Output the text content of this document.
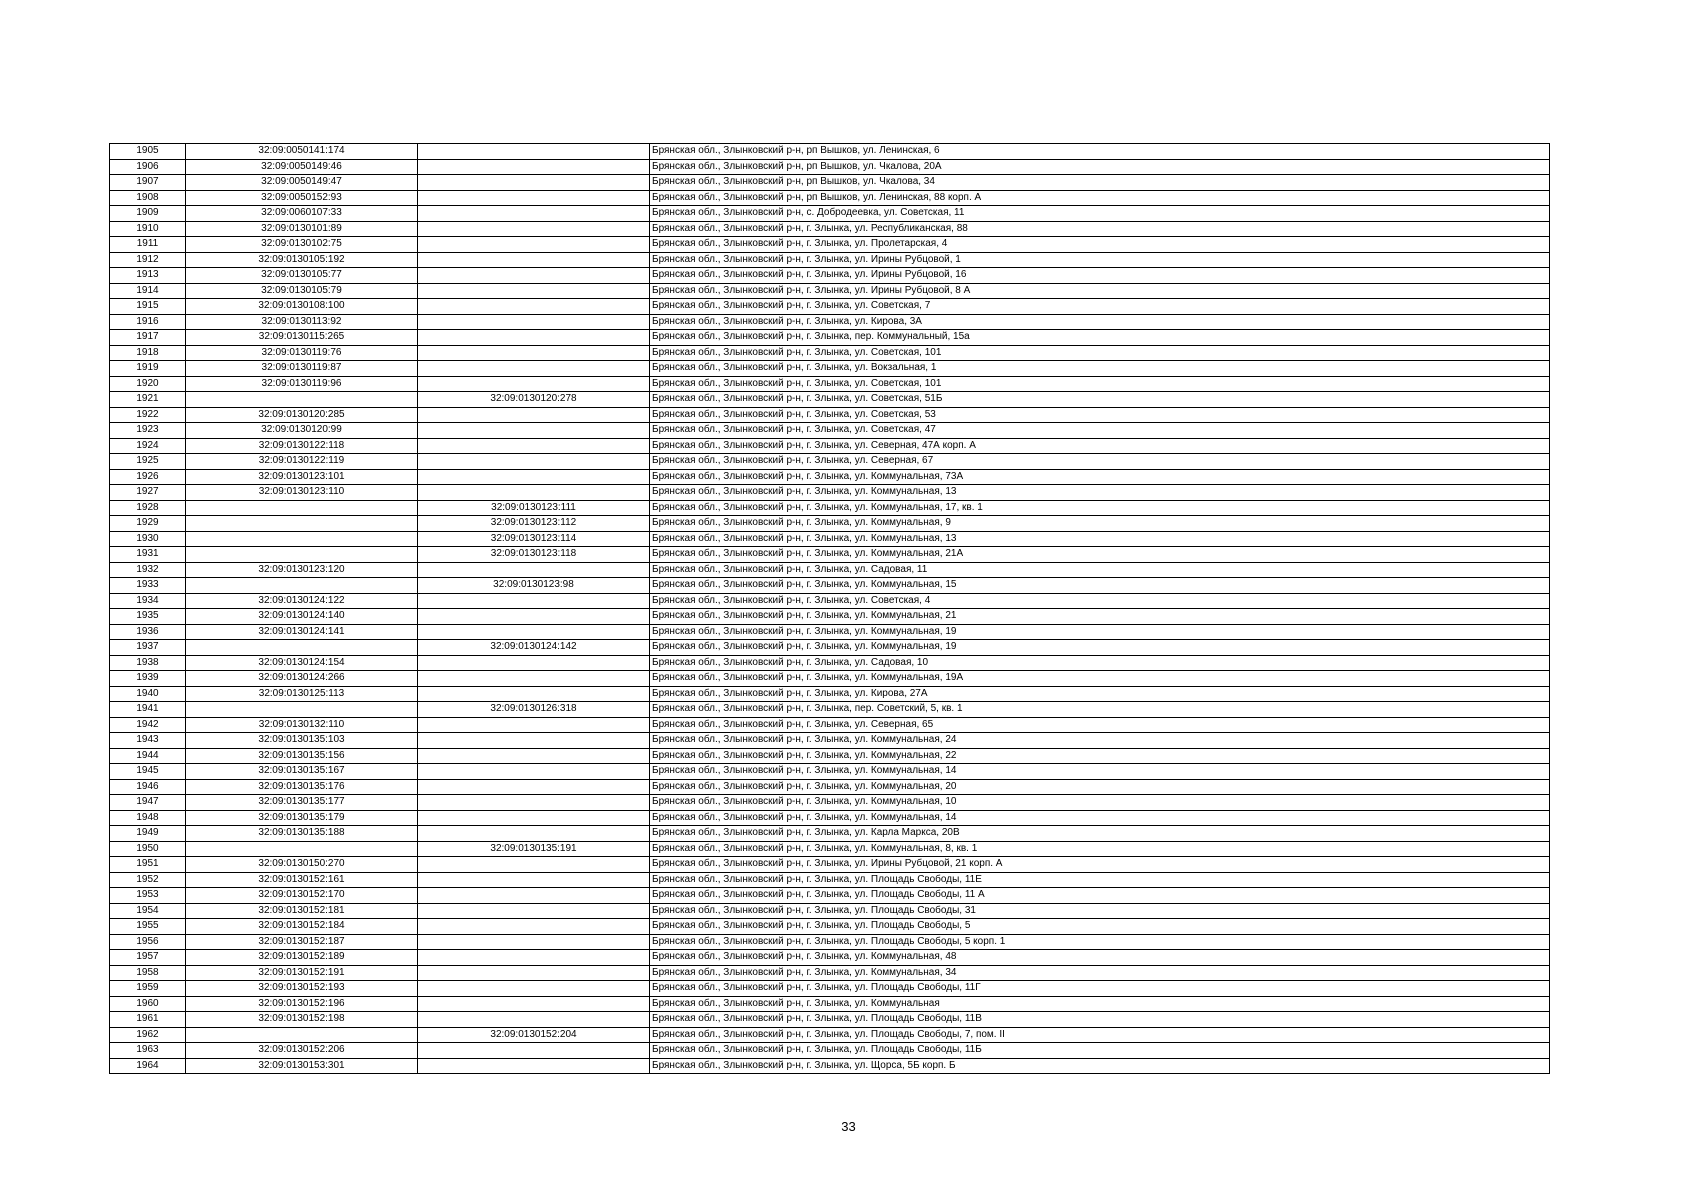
1905	32:09:0050141:174		Брянская обл., Злынковский р-н, рп Вышков, ул. Ленинская, 6
1906	32:09:0050149:46		Брянская обл., Злынковский р-н, рп Вышков, ул. Чкалова, 20А
1907	32:09:0050149:47		Брянская обл., Злынковский р-н, рп Вышков, ул. Чкалова, 34
1908	32:09:0050152:93		Брянская обл., Злынковский р-н, рп Вышков, ул. Ленинская, 88 корп. А
1909	32:09:0060107:33		Брянская обл., Злынковский р-н, с. Добродеевка, ул. Советская, 11
1910	32:09:0130101:89		Брянская обл., Злынковский р-н, г. Злынка, ул. Республиканская, 88
1911	32:09:0130102:75		Брянская обл., Злынковский р-н, г. Злынка, ул. Пролетарская, 4
1912	32:09:0130105:192		Брянская обл., Злынковский р-н, г. Злынка, ул. Ирины Рубцовой, 1
1913	32:09:0130105:77		Брянская обл., Злынковский р-н, г. Злынка, ул. Ирины Рубцовой, 16
1914	32:09:0130105:79		Брянская обл., Злынковский р-н, г. Злынка, ул. Ирины Рубцовой, 8 А
1915	32:09:0130108:100		Брянская обл., Злынковский р-н, г. Злынка, ул. Советская, 7
1916	32:09:0130113:92		Брянская обл., Злынковский р-н, г. Злынка, ул. Кирова, 3А
1917	32:09:0130115:265		Брянская обл., Злынковский р-н, г. Злынка, пер. Коммунальный, 15а
1918	32:09:0130119:76		Брянская обл., Злынковский р-н, г. Злынка, ул. Советская, 101
1919	32:09:0130119:87		Брянская обл., Злынковский р-н, г. Злынка, ул. Вокзальная, 1
1920	32:09:0130119:96		Брянская обл., Злынковский р-н, г. Злынка, ул. Советская, 101
1921		32:09:0130120:278	Брянская обл., Злынковский р-н, г. Злынка, ул. Советская, 51Б
1922	32:09:0130120:285		Брянская обл., Злынковский р-н, г. Злынка, ул. Советская, 53
1923	32:09:0130120:99		Брянская обл., Злынковский р-н, г. Злынка, ул. Советская, 47
1924	32:09:0130122:118		Брянская обл., Злынковский р-н, г. Злынка, ул. Северная, 47А корп. А
1925	32:09:0130122:119		Брянская обл., Злынковский р-н, г. Злынка, ул. Северная, 67
1926	32:09:0130123:101		Брянская обл., Злынковский р-н, г. Злынка, ул. Коммунальная, 73А
1927	32:09:0130123:110		Брянская обл., Злынковский р-н, г. Злынка, ул. Коммунальная, 13
1928		32:09:0130123:111	Брянская обл., Злынковский р-н, г. Злынка, ул. Коммунальная, 17, кв. 1
1929		32:09:0130123:112	Брянская обл., Злынковский р-н, г. Злынка, ул. Коммунальная, 9
1930		32:09:0130123:114	Брянская обл., Злынковский р-н, г. Злынка, ул. Коммунальная, 13
1931		32:09:0130123:118	Брянская обл., Злынковский р-н, г. Злынка, ул. Коммунальная, 21А
1932	32:09:0130123:120		Брянская обл., Злынковский р-н, г. Злынка, ул. Садовая, 11
1933		32:09:0130123:98	Брянская обл., Злынковский р-н, г. Злынка, ул. Коммунальная, 15
1934	32:09:0130124:122		Брянская обл., Злынковский р-н, г. Злынка, ул. Советская, 4
1935	32:09:0130124:140		Брянская обл., Злынковский р-н, г. Злынка, ул. Коммунальная, 21
1936	32:09:0130124:141		Брянская обл., Злынковский р-н, г. Злынка, ул. Коммунальная, 19
1937		32:09:0130124:142	Брянская обл., Злынковский р-н, г. Злынка, ул. Коммунальная, 19
1938	32:09:0130124:154		Брянская обл., Злынковский р-н, г. Злынка, ул. Садовая, 10
1939	32:09:0130124:266		Брянская обл., Злынковский р-н, г. Злынка, ул. Коммунальная, 19А
1940	32:09:0130125:113		Брянская обл., Злынковский р-н, г. Злынка, ул. Кирова, 27А
1941		32:09:0130126:318	Брянская обл., Злынковский р-н, г. Злынка, пер. Советский, 5, кв. 1
1942	32:09:0130132:110		Брянская обл., Злынковский р-н, г. Злынка, ул. Северная, 65
1943	32:09:0130135:103		Брянская обл., Злынковский р-н, г. Злынка, ул. Коммунальная, 24
1944	32:09:0130135:156		Брянская обл., Злынковский р-н, г. Злынка, ул. Коммунальная, 22
1945	32:09:0130135:167		Брянская обл., Злынковский р-н, г. Злынка, ул. Коммунальная, 14
1946	32:09:0130135:176		Брянская обл., Злынковский р-н, г. Злынка, ул. Коммунальная, 20
1947	32:09:0130135:177		Брянская обл., Злынковский р-н, г. Злынка, ул. Коммунальная, 10
1948	32:09:0130135:179		Брянская обл., Злынковский р-н, г. Злынка, ул. Коммунальная, 14
1949	32:09:0130135:188		Брянская обл., Злынковский р-н, г. Злынка, ул. Карла Маркса, 20В
1950		32:09:0130135:191	Брянская обл., Злынковский р-н, г. Злынка, ул. Коммунальная, 8, кв. 1
1951	32:09:0130150:270		Брянская обл., Злынковский р-н, г. Злынка, ул. Ирины Рубцовой, 21 корп. А
1952	32:09:0130152:161		Брянская обл., Злынковский р-н, г. Злынка, ул. Площадь Свободы, 11Е
1953	32:09:0130152:170		Брянская обл., Злынковский р-н, г. Злынка, ул. Площадь Свободы, 11 А
1954	32:09:0130152:181		Брянская обл., Злынковский р-н, г. Злынка, ул. Площадь Свободы, 31
1955	32:09:0130152:184		Брянская обл., Злынковский р-н, г. Злынка, ул. Площадь Свободы, 5
1956	32:09:0130152:187		Брянская обл., Злынковский р-н, г. Злынка, ул. Площадь Свободы, 5 корп. 1
1957	32:09:0130152:189		Брянская обл., Злынковский р-н, г. Злынка, ул. Коммунальная, 48
1958	32:09:0130152:191		Брянская обл., Злынковский р-н, г. Злынка, ул. Коммунальная, 34
1959	32:09:0130152:193		Брянская обл., Злынковский р-н, г. Злынка, ул. Площадь Свободы, 11Г
1960	32:09:0130152:196		Брянская обл., Злынковский р-н, г. Злынка, ул. Коммунальная
1961	32:09:0130152:198		Брянская обл., Злынковский р-н, г. Злынка, ул. Площадь Свободы, 11В
1962		32:09:0130152:204	Брянская обл., Злынковский р-н, г. Злынка, ул. Площадь Свободы, 7, пом. II
1963	32:09:0130152:206		Брянская обл., Злынковский р-н, г. Злынка, ул. Площадь Свободы, 11Б
1964	32:09:0130153:301		Брянская обл., Злынковский р-н, г. Злынка, ул. Щорса, 5Б корп. Б
33
